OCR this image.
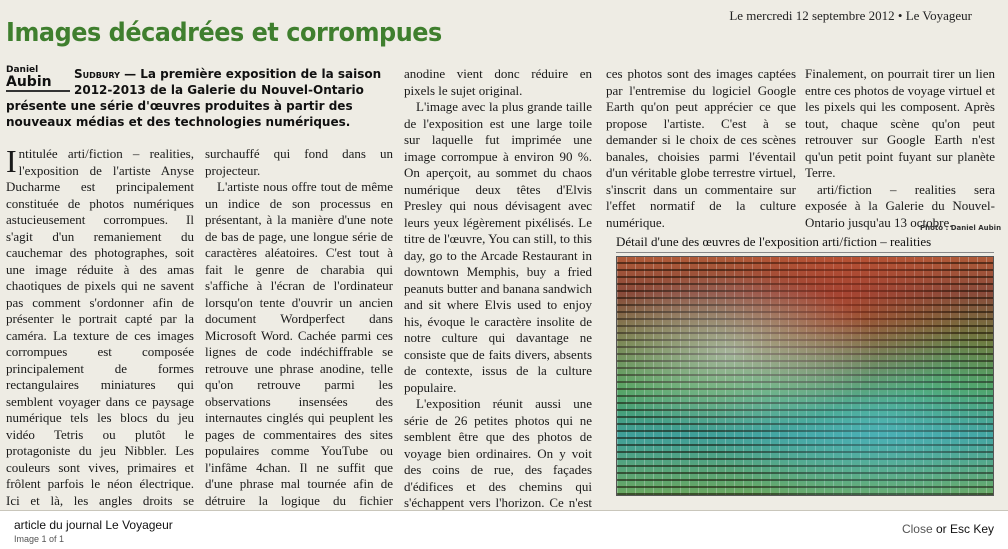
Le mercredi 12 septembre 2012 • Le Voyageur
Images décadrées et corrompues
Daniel
Aubin	Sudbury — La première exposition de la saison 2012-2013 de la Galerie du Nouvel-Ontario présente une série d'œuvres produites à partir des nouveaux médias et des technologies numériques.

Intitulée arti/fiction – realities, l'exposition de l'artiste Anyse Ducharme est principalement constituée de photos numériques astucieusement corrompues. Il s'agit d'un remaniement du cauchemar des photographes, soit une image réduite à des amas chaotiques de pixels qui ne savent pas comment s'ordonner afin de présenter le portrait capté par la caméra. La texture de ces images corrompues est composée principalement de formes rectangulaires miniatures qui semblent voyager dans ce paysage numérique tels les blocs du jeu vidéo Tetris ou plutôt le protagoniste du jeu Nibbler. Les couleurs sont vives, primaires et frôlent parfois le néon électrique. Ici et là, les angles droits se

surchauffé qui fond dans un projecteur.

L'artiste nous offre tout de même un indice de son processus en présentant, à la manière d'une note de bas de page, une longue série de caractères aléatoires. C'est tout à fait le genre de charabia qui s'affiche à l'écran de l'ordinateur lorsqu'on tente d'ouvrir un ancien document Wordperfect dans Microsoft Word. Cachée parmi ces lignes de code indéchiffrable se retrouve une phrase anodine, telle qu'on retrouve parmi les observations insensées des internautes cinglés qui peuplent les pages de commentaires des sites populaires comme YouTube ou l'infâme 4chan. Il ne suffit que d'une phrase mal tournée afin de détruire la logique du fichier

anodine vient donc réduire en pixels le sujet original.

L'image avec la plus grande taille de l'exposition est une large toile sur laquelle fut imprimée une image corrompue à environ 90 %. On aperçoit, au sommet du chaos numérique deux têtes d'Elvis Presley qui nous dévisagent avec leurs yeux légèrement pixélisés. Le titre de l'œuvre, You can still, to this day, go to the Arcade Restaurant in downtown Memphis, buy a fried peanuts butter and banana sandwich and sit where Elvis used to enjoy his, évoque le caractère insolite de notre culture qui davantage ne consiste que de faits divers, absents de contexte, issus de la culture populaire.

L'exposition réunit aussi une série de 26 petites photos qui ne semblent être que des photos de voyage bien ordinaires. On y voit des coins de rue, des façades d'édifices et des chemins qui s'échappent vers l'horizon. Ce n'est

ces photos sont des images captées par l'entremise du logiciel Google Earth qu'on peut apprécier ce que propose l'artiste. C'est à se demander si le choix de ces scènes banales, choisies parmi l'éventail d'un véritable globe terrestre virtuel, s'inscrit dans un commentaire sur l'effet normatif de la culture numérique.

Finalement, on pourrait tirer un lien entre ces photos de voyage virtuel et les pixels qui les composent. Après tout, chaque scène qu'on peut retrouver sur Google Earth n'est qu'un petit point fuyant sur planète Terre.

arti/fiction – realities sera exposée à la Galerie du Nouvel-Ontario jusqu'au 13 octobre.

Photo : Daniel Aubin
Détail d'une des œuvres de l'exposition arti/fiction – realities
article du journal Le Voyageur
Image 1 of 1
Close or Esc Key
